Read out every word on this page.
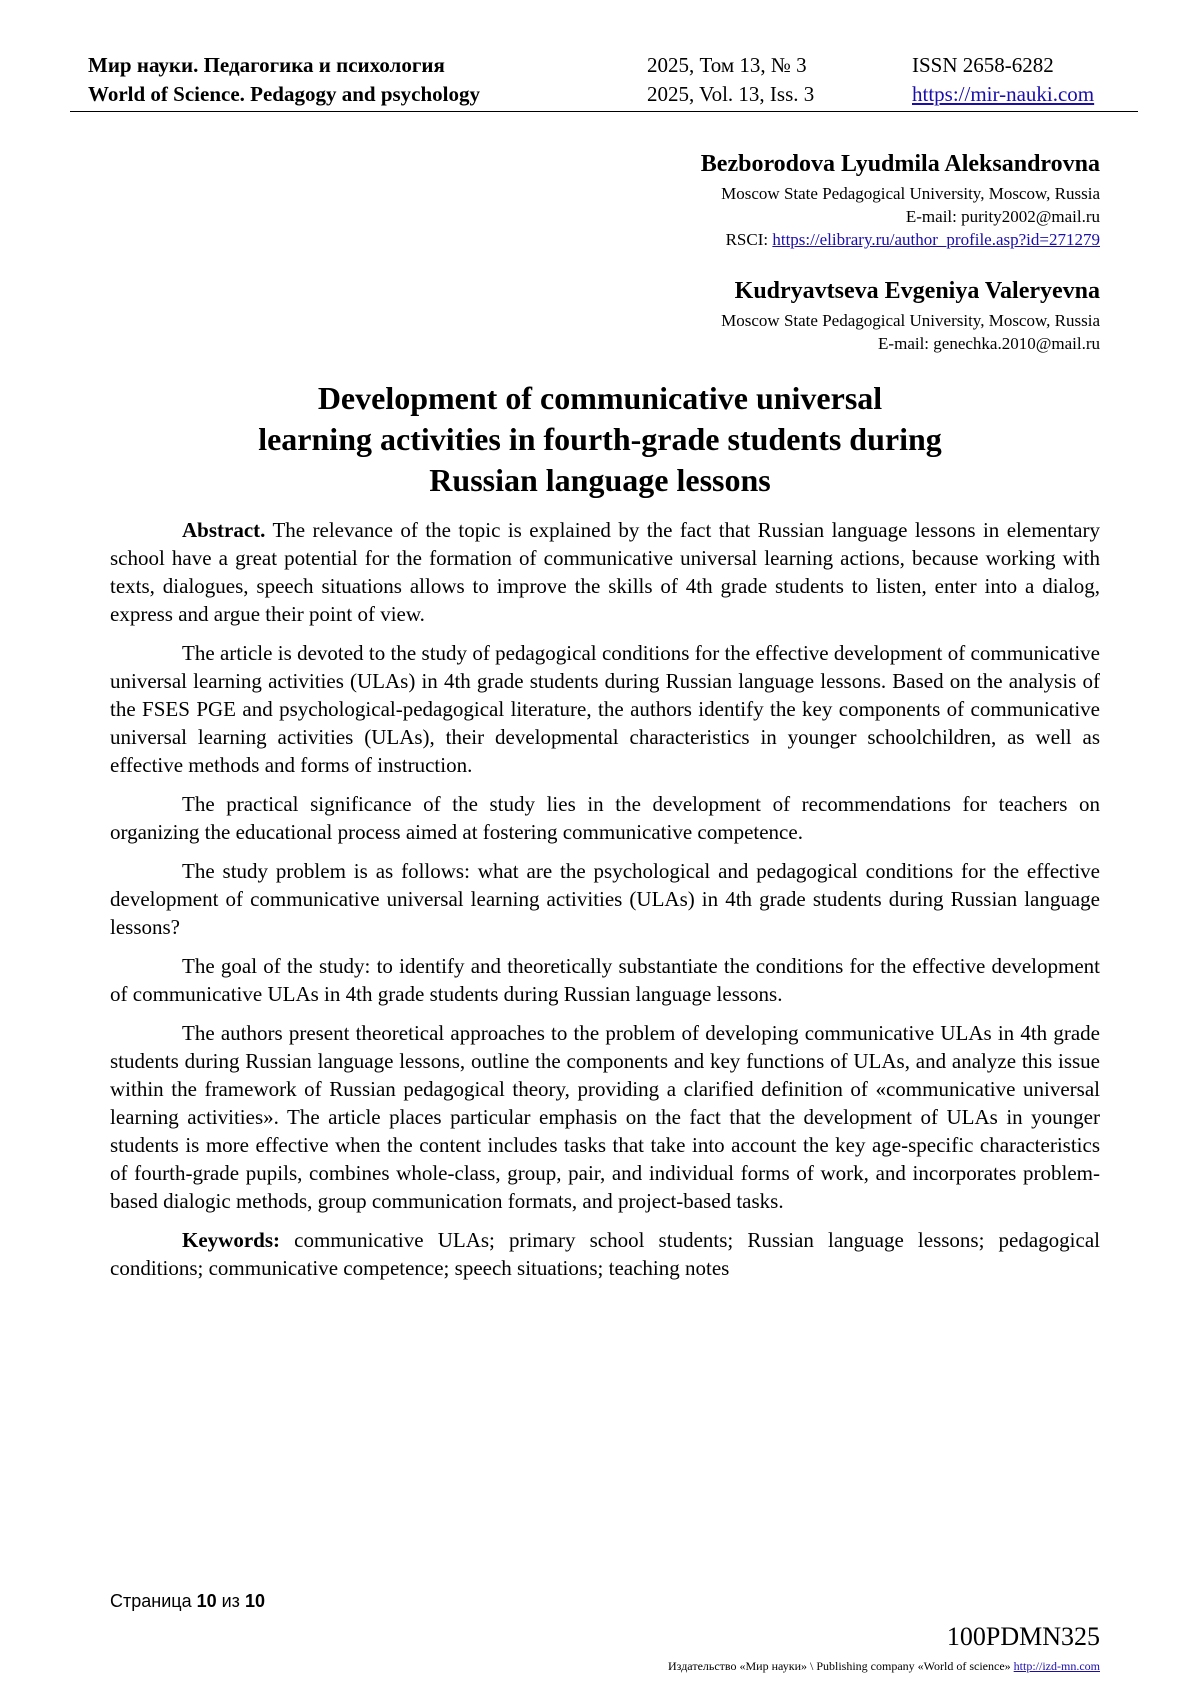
Мир науки. Педагогика и психология
World of Science. Pedagogy and psychology
2025, Том 13, № 3
2025, Vol. 13, Iss. 3
ISSN 2658-6282
https://mir-nauki.com
Bezborodova Lyudmila Aleksandrovna
Moscow State Pedagogical University, Moscow, Russia
E-mail: purity2002@mail.ru
RSCI: https://elibrary.ru/author_profile.asp?id=271279
Kudryavtseva Evgeniya Valeryevna
Moscow State Pedagogical University, Moscow, Russia
E-mail: genechka.2010@mail.ru
Development of communicative universal
learning activities in fourth-grade students during
Russian language lessons

Abstract. The relevance of the topic is explained by the fact that Russian language lessons in elementary school have a great potential for the formation of communicative universal learning actions, because working with texts, dialogues, speech situations allows to improve the skills of 4th grade students to listen, enter into a dialog, express and argue their point of view.

The article is devoted to the study of pedagogical conditions for the effective development of communicative universal learning activities (ULAs) in 4th grade students during Russian language lessons. Based on the analysis of the FSES PGE and psychological-pedagogical literature, the authors identify the key components of communicative universal learning activities (ULAs), their developmental characteristics in younger schoolchildren, as well as effective methods and forms of instruction.

The practical significance of the study lies in the development of recommendations for teachers on organizing the educational process aimed at fostering communicative competence.

The study problem is as follows: what are the psychological and pedagogical conditions for the effective development of communicative universal learning activities (ULAs) in 4th grade students during Russian language lessons?

The goal of the study: to identify and theoretically substantiate the conditions for the effective development of communicative ULAs in 4th grade students during Russian language lessons.

The authors present theoretical approaches to the problem of developing communicative ULAs in 4th grade students during Russian language lessons, outline the components and key functions of ULAs, and analyze this issue within the framework of Russian pedagogical theory, providing a clarified definition of «communicative universal learning activities». The article places particular emphasis on the fact that the development of ULAs in younger students is more effective when the content includes tasks that take into account the key age-specific characteristics of fourth-grade pupils, combines whole-class, group, pair, and individual forms of work, and incorporates problem-based dialogic methods, group communication formats, and project-based tasks.

Keywords: communicative ULAs; primary school students; Russian language lessons; pedagogical conditions; communicative competence; speech situations; teaching notes

Страница 10 из 10
100PDMN325
Издательство «Мир науки» \ Publishing company «World of science» http://izd-mn.com
